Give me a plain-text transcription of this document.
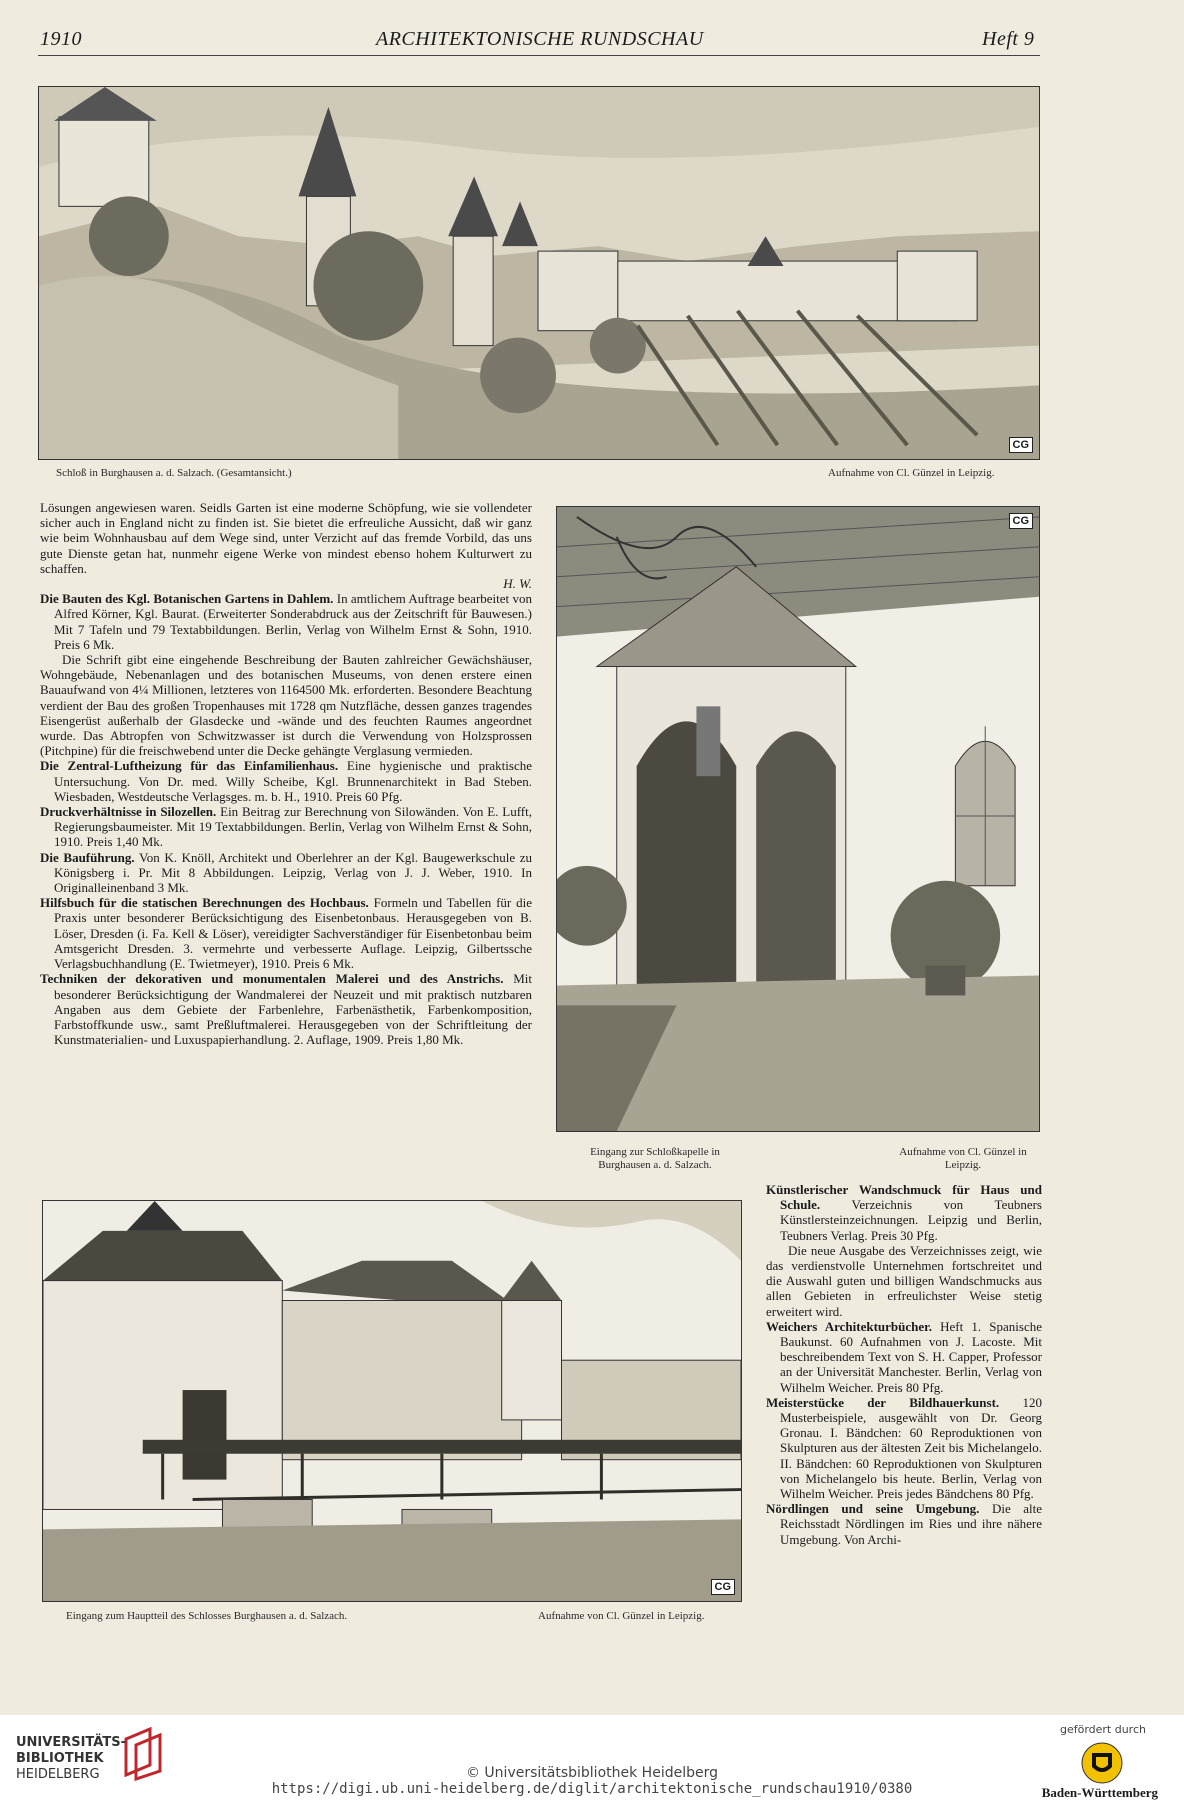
1910	ARCHITEKTONISCHE RUNDSCHAU	Heft 9
CG
Schloß in Burghausen a. d. Salzach. (Gesamtansicht.)	Aufnahme von Cl. Günzel in Leipzig.

Lösungen angewiesen waren. Seidls Garten ist eine moderne Schöpfung, wie sie vollendeter sicher auch in England nicht zu finden ist. Sie bietet die erfreuliche Aussicht, daß wir ganz wie beim Wohnhausbau auf dem Wege sind, unter Verzicht auf das fremde Vorbild, das uns gute Dienste getan hat, nunmehr eigene Werke von mindest ebenso hohem Kulturwert zu schaffen.

H. W.

Die Bauten des Kgl. Botanischen Gartens in Dahlem. In amtlichem Auftrage bearbeitet von Alfred Körner, Kgl. Baurat. (Erweiterter Sonderabdruck aus der Zeitschrift für Bauwesen.) Mit 7 Tafeln und 79 Textabbildungen. Berlin, Verlag von Wilhelm Ernst & Sohn, 1910. Preis 6 Mk.

Die Schrift gibt eine eingehende Beschreibung der Bauten zahlreicher Gewächshäuser, Wohngebäude, Nebenanlagen und des botanischen Museums, von denen erstere einen Bauaufwand von 4¼ Millionen, letzteres von 1164500 Mk. erforderten. Besondere Beachtung verdient der Bau des großen Tropenhauses mit 1728 qm Nutzfläche, dessen ganzes tragendes Eisengerüst außerhalb der Glasdecke und -wände und des feuchten Raumes angeordnet wurde. Das Abtropfen von Schwitzwasser ist durch die Verwendung von Holzsprossen (Pitchpine) für die freischwebend unter die Decke gehängte Verglasung vermieden.

Die Zentral-Luftheizung für das Einfamilienhaus. Eine hygienische und praktische Untersuchung. Von Dr. med. Willy Scheibe, Kgl. Brunnenarchitekt in Bad Steben. Wiesbaden, Westdeutsche Verlagsges. m. b. H., 1910. Preis 60 Pfg.

Druckverhältnisse in Silozellen. Ein Beitrag zur Berechnung von Silowänden. Von E. Lufft, Regierungsbaumeister. Mit 19 Textabbildungen. Berlin, Verlag von Wilhelm Ernst & Sohn, 1910. Preis 1,40 Mk.

Die Bauführung. Von K. Knöll, Architekt und Oberlehrer an der Kgl. Baugewerkschule zu Königsberg i. Pr. Mit 8 Abbildungen. Leipzig, Verlag von J. J. Weber, 1910. In Originalleinenband 3 Mk.

Hilfsbuch für die statischen Berechnungen des Hochbaus. Formeln und Tabellen für die Praxis unter besonderer Berücksichtigung des Eisenbetonbaus. Herausgegeben von B. Löser, Dresden (i. Fa. Kell & Löser), vereidigter Sachverständiger für Eisenbetonbau beim Amtsgericht Dresden. 3. vermehrte und verbesserte Auflage. Leipzig, Gilbertssche Verlagsbuchhandlung (E. Twietmeyer), 1910. Preis 6 Mk.

Techniken der dekorativen und monumentalen Malerei und des Anstrichs. Mit besonderer Berücksichtigung der Wandmalerei der Neuzeit und mit praktisch nutzbaren Angaben aus dem Gebiete der Farbenlehre, Farbenästhetik, Farbenkomposition, Farbstoffkunde usw., samt Preßluftmalerei. Herausgegeben von der Schriftleitung der Kunstmaterialien- und Luxuspapierhandlung. 2. Auflage, 1909. Preis 1,80 Mk.

CG
Eingang zur Schloßkapelle in Burghausen a. d. Salzach.
Aufnahme von Cl. Günzel in Leipzig.
CG
Eingang zum Hauptteil des Schlosses Burghausen a. d. Salzach.	Aufnahme von Cl. Günzel in Leipzig.

Künstlerischer Wandschmuck für Haus und Schule. Verzeichnis von Teubners Künstlersteinzeichnungen. Leipzig und Berlin, Teubners Verlag. Preis 30 Pfg.

Die neue Ausgabe des Verzeichnisses zeigt, wie das verdienstvolle Unternehmen fortschreitet und die Auswahl guten und billigen Wandschmucks aus allen Gebieten in erfreulichster Weise stetig erweitert wird.

Weichers Architekturbücher. Heft 1. Spanische Baukunst. 60 Aufnahmen von J. Lacoste. Mit beschreibendem Text von S. H. Capper, Professor an der Universität Manchester. Berlin, Verlag von Wilhelm Weicher. Preis 80 Pfg.

Meisterstücke der Bildhauerkunst. 120 Musterbeispiele, ausgewählt von Dr. Georg Gronau. I. Bändchen: 60 Reproduktionen von Skulpturen aus der ältesten Zeit bis Michelangelo. II. Bändchen: 60 Reproduktionen von Skulpturen von Michelangelo bis heute. Berlin, Verlag von Wilhelm Weicher. Preis jedes Bändchens 80 Pfg.

Nördlingen und seine Umgebung. Die alte Reichsstadt Nördlingen im Ries und ihre nähere Umgebung. Von Archi-

UNIVERSITÄTS-
BIBLIOTHEK
HEIDELBERG	© Universitätsbibliothek Heidelberg
https://digi.ub.uni-heidelberg.de/diglit/architektonische_rundschau1910/0380
gefördert durch
Baden-Württemberg
